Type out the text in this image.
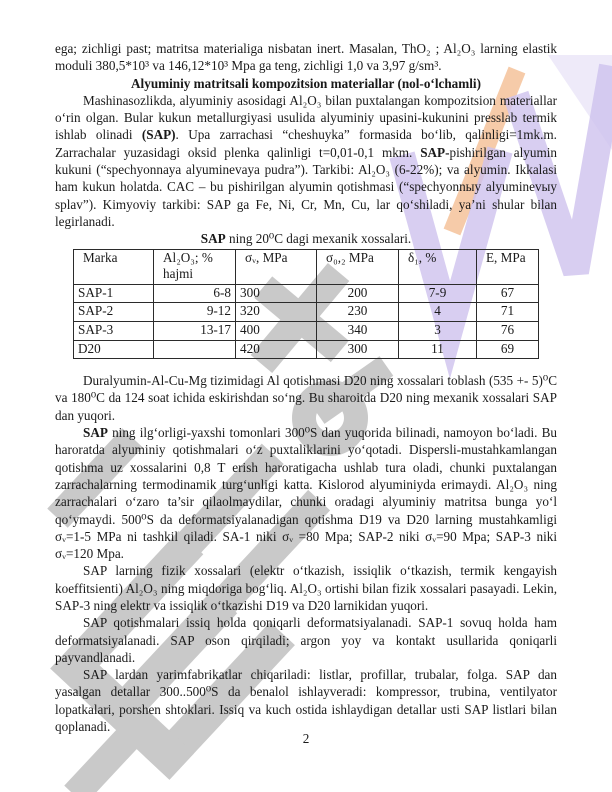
ega; zichligi past; matritsa materialiga nisbatan inert. Masalan, ThO₂ ; Al₂O₃ larning elastik moduli 380,5*10³ va 146,12*10³ Mpa ga teng, zichligi 1,0 va 3,97 g/sm³.

Alyuminiy matritsali kompozitsion materiallar (nol-o‘lchamli)

Mashinasozlikda, alyuminiy asosidagi Al₂O₃ bilan puxtalangan kompozitsion materiallar o‘rin olgan. Bular kukun metallurgiyasi usulida alyuminiy upasini-kukunini presslab termik ishlab olinadi (SAP). Upa zarrachasi “cheshuyka” formasida bo‘lib, qalinligi=1mk.m. Zarrachalar yuzasidagi oksid plenka qalinligi t=0,01-0,1 mkm. SAP-pishirilgan alyumin kukuni (“spechyonnaya alyuminevaya pudra”). Tarkibi: Al₂O₃ (6-22%); va alyumin. Ikkalasi ham kukun holatda. CAC – bu pishirilgan alyumin qotishmasi (“spechyonnыy alyuminevыy splav”). Kimyoviy tarkibi: SAP ga Fe, Ni, Cr, Mn, Cu, lar qo‘shiladi, ya’ni shular bilan legirlanadi.

SAP ning 20⁰C dagi mexanik xossalari.

Marka	Al₂O₃; % hajmi	σᵥ, MPa	σ₀,₂ MPa	δ₁, %	E, MPa
SAP-1	6-8	300	200	7-9	67
SAP-2	9-12	320	230	4	71
SAP-3	13-17	400	340	3	76
D20		420	300	11	69

Duralyumin-Al-Cu-Mg tizimidagi Al qotishmasi D20 ning xossalari toblash (535 +- 5)⁰C va 180⁰C da 124 soat ichida eskirishdan so‘ng. Bu sharoitda D20 ning mexanik xossalari SAP dan yuqori.

SAP ning ilg‘orligi-yaxshi tomonlari 300⁰S dan yuqorida bilinadi, namoyon bo‘ladi. Bu haroratda alyuminiy qotishmalari o‘z puxtaliklarini yo‘qotadi. Dispersli-mustahkamlangan qotishma uz xossalarini 0,8 T erish haroratigacha ushlab tura oladi, chunki puxtalangan zarrachalarning termodinamik turg‘unligi katta. Kislorod alyuminiyda erimaydi. Al₂O₃ ning zarrachalari o‘zaro ta’sir qilaolmaydilar, chunki oradagi alyuminiy matritsa bunga yo‘l qo‘ymaydi. 500⁰S da deformatsiyalanadigan qotishma D19 va D20 larning mustahkamligi σᵥ=1-5 MPa ni tashkil qiladi. SA-1 niki σᵥ =80 Mpa; SAP-2 niki σᵥ=90 Mpa; SAP-3 niki σᵥ=120 Mpa.

SAP larning fizik xossalari (elektr o‘tkazish, issiqlik o‘tkazish, termik kengayish koeffitsienti) Al₂O₃ ning miqdoriga bog‘liq. Al₂O₃ ortishi bilan fizik xossalari pasayadi. Lekin, SAP-3 ning elektr va issiqlik o‘tkazishi D19 va D20 larnikidan yuqori.

SAP qotishmalari issiq holda qoniqarli deformatsiyalanadi. SAP-1 sovuq holda ham deformatsiyalanadi. SAP oson qirqiladi; argon yoy va kontakt usullarida qoniqarli payvandlanadi.

SAP lardan yarimfabrikatlar chiqariladi: listlar, profillar, trubalar, folga. SAP dan yasalgan detallar 300..500⁰S da benalol ishlayveradi: kompressor, trubina, ventilyator lopatkalari, porshen shtoklari. Issiq va kuch ostida ishlaydigan detallar usti SAP listlari bilan qoplanadi.

2
